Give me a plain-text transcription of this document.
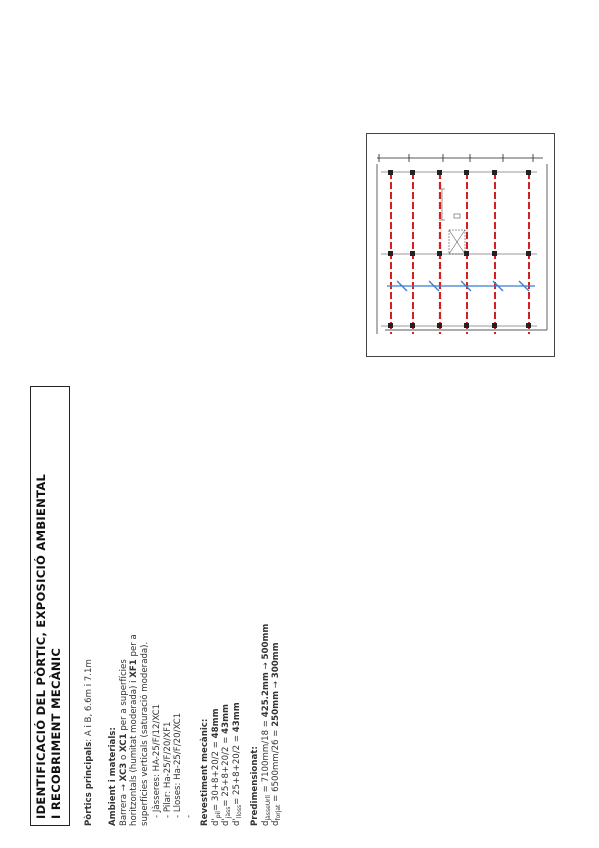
IDENTIFICACIÓ DEL PÒRTIC, EXPOSICIÓ AMBIENTAL I RECOBRIMENT MECÀNIC Pòrtics principals: A i B, 6.6m i 7.1m
Ambient i materials:
Barrera → XC3 o XC1 per a superfícies horitzontals (humitat moderada) i XF1 per a superfícies verticals (saturació moderada). - Jàsseres: HA-25/F/12/XC1 - Pilar: Ha-25/F/20/XF1 - Lloses: Ha-25/F/20/XC1 - Revestiment mecànic:
$d'_{pil}= 30+8+20/2 = 48mm$
$d'_{jàss}= 25+8+20/2 = 43mm$
$d'_{lloss}= 25+8+20/2 = 43mm$
Predimensionat:
$d_{jàsseUrll} = 7100mm/18 = 425.2mm \to 500mm$
$d_{forjat} = 6500mm/26 = 250mm \to 300mm$
